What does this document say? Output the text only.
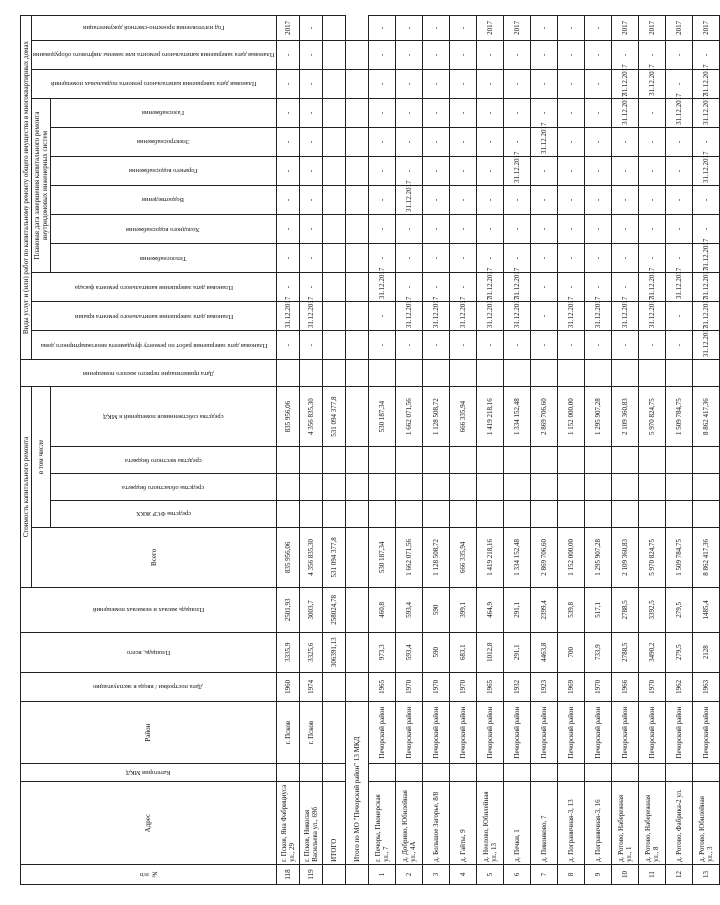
№ п/п	Адрес	Категория МКД	Район	Дата постройки / ввода в эксплуатацию	Площадь, всего	Площадь жилых и нежилых помещений	Стоимость капитального ремонта					Дата приватизации первого жилого помещения	Виды услуг и (или) работ по капитальному ремонту общего имущества в многоквартирных домах											
							Всего	в том числе					Плановая дата завершения работ по ремонту фундамента многоквартирного дома	Плановая дата завершения капитального ремонта крыши	Плановая дата завершения капитального ремонта фасада	Плановая дата завершения капитального ремонта внутридомовых инженерных систем						Плановая дата завершения капитального ремонта подвальных помещений	Плановая дата завершения капитального ремонта или замены лифтового оборудования	Год изготовления проектно-сметной документации

								средства ФСР ЖКХ	средства областного бюджета	средства местного бюджета	средства собственников помещений в МКД					Теплоснабжения	Холодного водоснабжения	Водоотведения	Горячего водоснабжения	Электроснабжения	Газоснабжения			

118	г. Псков, Яна Фабрициуса ул., 29		г. Псков	1960	3335,9	2501,93	835 956,06				835 956,06		-	31.12.2017	-	-	-	-	-	-	-	-	-	2017
119	г. Псков, Николая Васильева ул., 69б		г. Псков	1974	3325,6	3003,7	4 356 835,30				4 356 835,30		-	31.12.2017	-	-	-	-	-	-	-	-	-	-
	ИТОГО				306391,13	258024,78	531 094 377,8				531 094 377,8													
	Итого по МО "Печорский район" 13 МКД																							
1	г. Печоры, Пионерская ул., 7		Печорский район	1965	973,3	460,8	530 187,34				530 187,34		-	-	31.12.2017	-	-	-	-	-	-	-	-	-
2	д. Добрино, Юбилейная ул., 4А		Печорский район	1970	593,4	593,4	1 662 071,56				1 662 071,56		-	31.12.2017	-	-	-	31.12.2017	-	-	-	-	-	-
3	д. Большое Загорье, 8/8		Печорский район	1970	590	590	1 128 508,72				1 128 508,72		-	31.12.2017	-	-	-	-	-	-	-	-	-	-
4	д. Гайты, 9		Печорский район	1970	683,1	399,1	666 335,94				666 335,94		-	31.12.2017	-	-	-	-	-	-	-	-	-	-
5	д. Неелово, Юбилейная ул., 13		Печорский район	1965	1012,8	464,9	1 419 218,16				1 419 218,16		-	31.12.2017	31.12.2017	-	-	-	-	-	-	-	-	2017
6	д. Печки, 1		Печорский район	1932	291,1	291,1	1 334 152,48				1 334 152,48		-	31.12.2017	31.12.2017	-	-	-	31.12.2017	-	-	-	-	2017
7	д. Пиконково, 7		Печорский район	1923	4463,8	2399,4	2 869 706,60				2 869 706,60		-	-	-	-	-	-	-	31.12.2017	-	-	-	-
8	д. Пограничная-3, 13		Печорский район	1969	700	539,8	1 152 000,00				1 152 000,00		-	31.12.2017	-	-	-	-	-	-	-	-	-	-
9	д. Пограничная-3, 16		Печорский район	1970	733,9	517,1	1 295 907,28				1 295 907,28		-	31.12.2017	-	-	-	-	-	-	-	-	-	-
10	д. Ротово, Набережная ул., 1		Печорский район	1966	2788,5	2788,5	2 109 360,83				2 109 360,83		-	31.12.2017	-	-	-	-	-	-	31.12.2017	31.12.2017	-	2017
11	д. Ротово, Набережная ул., 8		Печорский район	1970	3490,2	3392,5	5 970 824,75				5 970 824,75		-	31.12.2017	31.12.2017	-	-	-	-	-	-	31.12.2017	-	2017
12	д. Ротово, Фабрика-2 ул.		Печорский район	1962	279,5	279,5	1 509 784,75				1 509 784,75		-	-	31.12.2017	-	-	-	-	-	31.12.2017	-	-	2017
13	д. Ротово, Юбилейная ул., 3		Печорский район	1963	2128	1485,4	8 862 417,36				8 862 417,36		31.12.2017	31.12.2017	31.12.2017	31.12.2017	-	-	31.12.2017	-	31.12.2017	31.12.2017	-	2017
